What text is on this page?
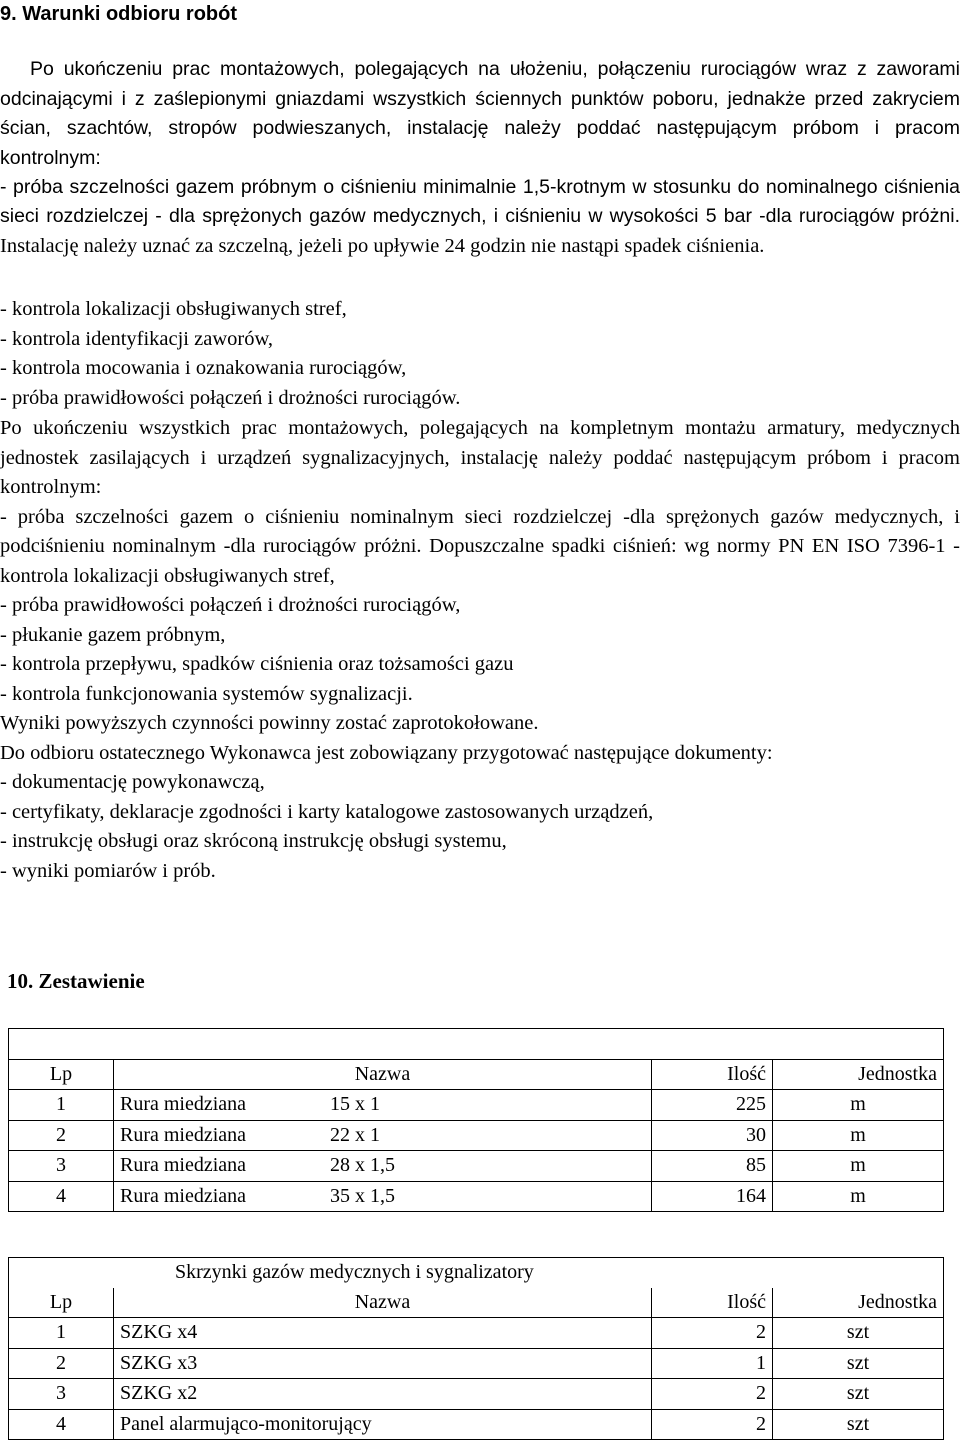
9. Warunki odbioru robót

Po ukończeniu prac montażowych, polegających na ułożeniu, połączeniu rurociągów wraz z zaworami odcinającymi i z zaślepionymi gniazdami wszystkich ściennych punktów poboru, jednakże przed zakryciem ścian, szachtów, stropów podwieszanych, instalację należy poddać następującym próbom i pracom kontrolnym:

- próba szczelności gazem próbnym o ciśnieniu minimalnie 1,5-krotnym w stosunku do nominalnego ciśnienia sieci rozdzielczej - dla sprężonych gazów medycznych, i ciśnieniu w wysokości 5 bar -dla rurociągów próżni. Instalację należy uznać za szczelną, jeżeli po upływie 24 godzin nie nastąpi spadek ciśnienia.

- kontrola lokalizacji obsługiwanych stref,

- kontrola identyfikacji zaworów,

- kontrola mocowania i oznakowania rurociągów,

- próba prawidłowości połączeń i drożności rurociągów.

Po ukończeniu wszystkich prac montażowych, polegających na kompletnym montażu armatury, medycznych jednostek zasilających i urządzeń sygnalizacyjnych, instalację należy poddać następującym próbom i pracom kontrolnym:

- próba szczelności gazem o ciśnieniu nominalnym sieci rozdzielczej -dla sprężonych gazów medycznych, i podciśnieniu nominalnym -dla rurociągów próżni. Dopuszczalne spadki ciśnień: wg normy PN EN ISO 7396-1 - kontrola lokalizacji obsługiwanych stref,

- próba prawidłowości połączeń i drożności rurociągów,

- płukanie gazem próbnym,

- kontrola przepływu, spadków ciśnienia oraz tożsamości gazu

- kontrola funkcjonowania systemów sygnalizacji.

Wyniki powyższych czynności powinny zostać zaprotokołowane.

Do odbioru ostatecznego Wykonawca jest zobowiązany przygotować następujące dokumenty:

- dokumentację powykonawczą,

- certyfikaty, deklaracje zgodności i karty katalogowe zastosowanych urządzeń,

- instrukcję obsługi oraz skróconą instrukcję obsługi systemu,

- wyniki pomiarów i prób.

10. Zestawienie

Lp	Nazwa	Ilość	Jednostka
1	Rura miedziana 15 x 1	225	m
2	Rura miedziana 22 x 1	30	m
3	Rura miedziana 28 x 1,5	85	m
4	Rura miedziana 35 x 1,5	164	m
Skrzynki gazów medycznych i sygnalizatory			
Lp	Nazwa	Ilość	Jednostka
1	SZKG x4	2	szt
2	SZKG x3	1	szt
3	SZKG x2	2	szt
4	Panel alarmująco-monitorujący	2	szt
